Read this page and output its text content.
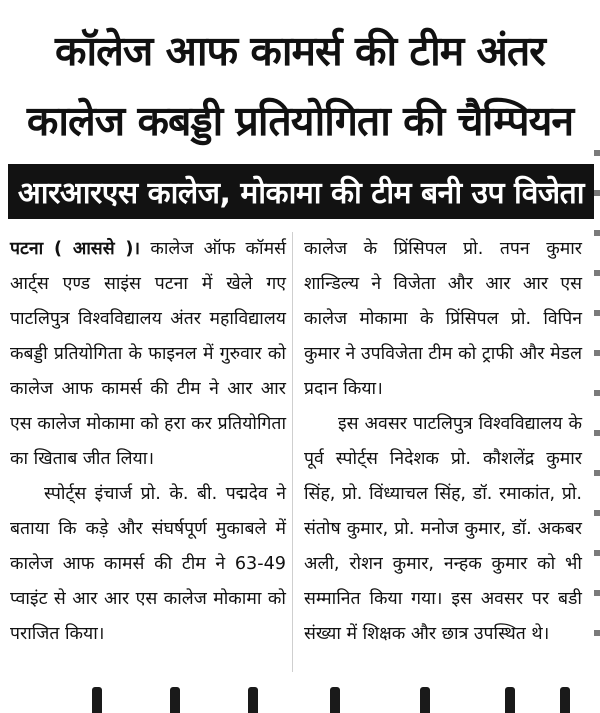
कॉलेज आफ कामर्स की टीम अंतर
कालेज कबड्डी प्रतियोगिता की चैम्पियन
आरआरएस कालेज, मोकामा की टीम बनी उप विजेता

पटना ( आससे )। कालेज ऑफ कॉमर्स आर्ट्स एण्ड साइंस पटना में खेले गए पाटलिपुत्र विश्वविद्यालय अंतर महाविद्यालय कबड्डी प्रतियोगिता के फाइनल में गुरुवार को कालेज आफ कामर्स की टीम ने आर आर एस कालेज मोकामा को हरा कर प्रतियोगिता का खिताब जीत लिया।

स्पोर्ट्स इंचार्ज प्रो. के. बी. पद्मदेव ने बताया कि कड़े और संघर्षपूर्ण मुकाबले में कालेज आफ कामर्स की टीम ने 63-49 प्वाइंट से आर आर एस कालेज मोकामा को पराजित किया।

कालेज के प्रिंसिपल प्रो. तपन कुमार शान्डिल्य ने विजेता और आर आर एस कालेज मोकामा के प्रिंसिपल प्रो. विपिन कुमार ने उपविजेता टीम को ट्राफी और मेडल प्रदान किया।

इस अवसर पाटलिपुत्र विश्वविद्यालय के पूर्व स्पोर्ट्स निदेशक प्रो. कौशलेंद्र कुमार सिंह, प्रो. विंध्याचल सिंह, डॉ. रमाकांत, प्रो. संतोष कुमार, प्रो. मनोज कुमार, डॉ. अकबर अली, रोशन कुमार, नन्हक कुमार को भी सम्मानित किया गया। इस अवसर पर बडी संख्या में शिक्षक और छात्र उपस्थित थे।
